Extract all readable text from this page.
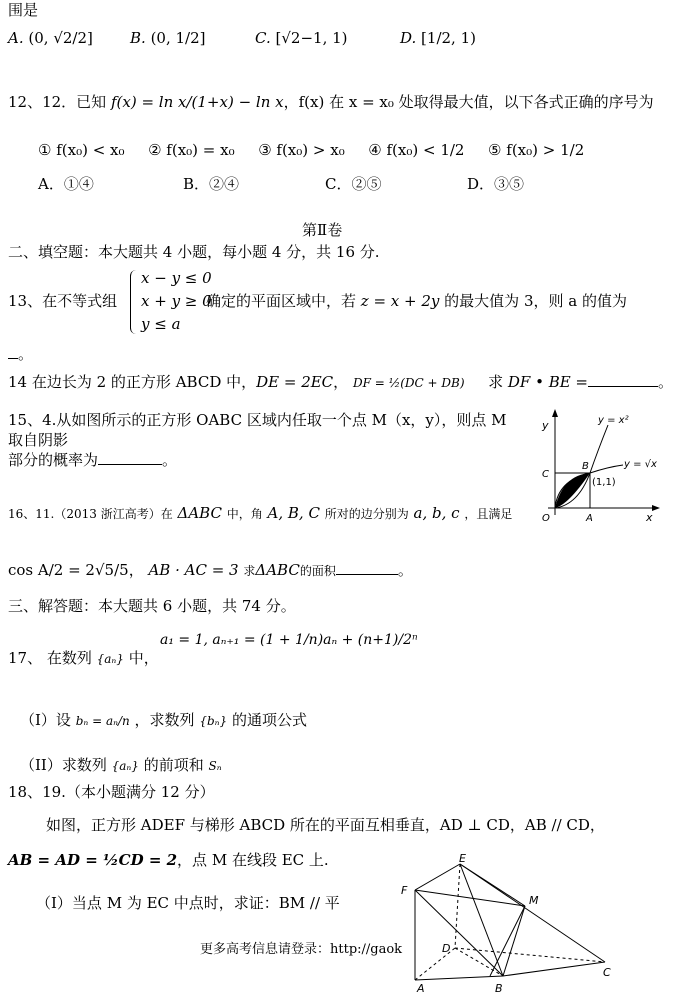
围是
A. (0, √2/2] B. (0, 1/2]	C. [√2−1, 1)	D. [1/2, 1)
12、12．已知 f(x) = ln x/(1+x) − ln x，f(x) 在 x = x₀ 处取得最大值，以下各式正确的序号为
① f(x₀) < x₀ ② f(x₀) = x₀ ③ f(x₀) > x₀ ④ f(x₀) < 1/2 ⑤ f(x₀) > 1/2
A．①④	B．②④	C．②⑤	D．③⑤
第Ⅱ卷
二、填空题：本大题共 4 小题，每小题 4 分，共 16 分.
x − y ≤ 0
x + y ≥ 0
y ≤ a
13、在不等式组	确定的平面区域中，若 z = x + 2y 的最大值为 3，则 a 的值为
。
14 在边长为 2 的正方形 ABCD 中，DE = 2EC， DF = ½(DC + DB) 求 DF • BE =	。
15、4.从如图所示的正方形 OABC 区域内任取一个点 M（x，y），则点 M
取自阴影
部分的概率为	。
y
x
y = x²
y = √x
(1,1)
O	A
B
C
16、11.（2013 浙江高考）在 ΔABC 中，角 A, B, C 所对的边分别为 a, b, c ，且满足
cos A/2 = 2√5/5， AB · AC = 3 求ΔABC的面积	。
三、解答题：本大题共 6 小题，共 74 分。
17、 在数列 {aₙ} 中，
a₁ = 1, aₙ₊₁ = (1 + 1/n)aₙ + (n+1)/2ⁿ
（I）设 bₙ = aₙ/n ，求数列 {bₙ} 的通项公式
（II）求数列 {aₙ} 的前项和 Sₙ
18、19.（本小题满分 12 分）
如图，正方形 ADEF 与梯形 ABCD 所在的平面互相垂直，AD ⊥ CD，AB // CD，
AB = AD = ½CD = 2，点 M 在线段 EC 上.
（I）当点 M 为 EC 中点时，求证：BM // 平
更多高考信息请登录：http://gaok
E
F
M
D
A	B
C
